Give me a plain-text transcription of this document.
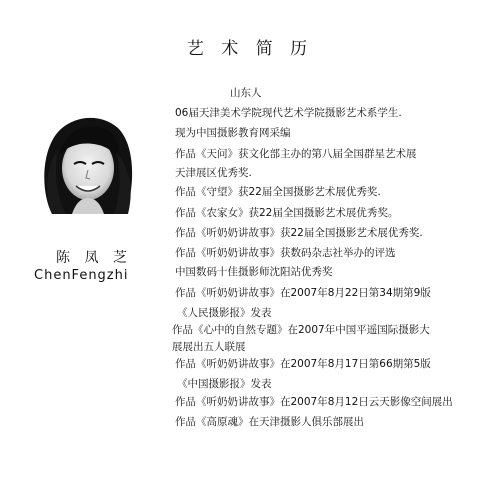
艺 术 简 历
陈 凤 芝
ChenFengzhi
山东人
06届天津美术学院现代艺术学院摄影艺术系学生.
现为中国摄影教育网采编
作品《天问》获文化部主办的第八届全国群星艺术展
天津展区优秀奖.
作品《守望》获22届全国摄影艺术展优秀奖.
作品《农家女》获22届全国摄影艺术展优秀奖。
作品《听奶奶讲故事》获22届全国摄影艺术展优秀奖.
作品《听奶奶讲故事》获数码杂志社举办的评选
中国数码十佳摄影师沈阳站优秀奖
作品《听奶奶讲故事》在2007年8月22日第34期第9版
《人民摄影报》发表
作品《心中的自然专题》在2007年中国平遥国际摄影大
展展出五人联展
作品《听奶奶讲故事》在2007年8月17日第66期第5版
《中国摄影报》发表
作品《听奶奶讲故事》在2007年8月12日云天影像空间展出
作品《高原魂》在天津摄影人俱乐部展出
